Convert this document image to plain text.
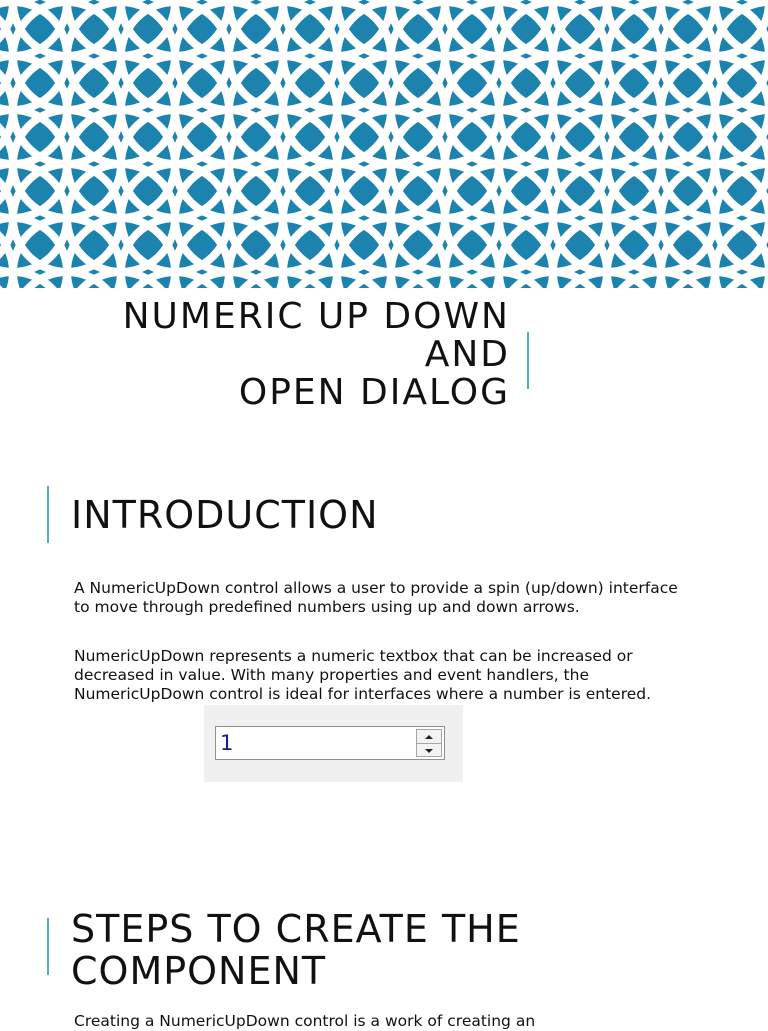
NUMERIC UP DOWN
AND
OPEN DIALOG
INTRODUCTION

A NumericUpDown control allows a user to provide a spin (up/down) interface to move through predefined numbers using up and down arrows.

NumericUpDown represents a numeric textbox that can be increased or decreased in value. With many properties and event handlers, the NumericUpDown control is ideal for interfaces where a number is entered.

1
STEPS TO CREATE THE COMPONENT

Creating a NumericUpDown control is a work of creating an
